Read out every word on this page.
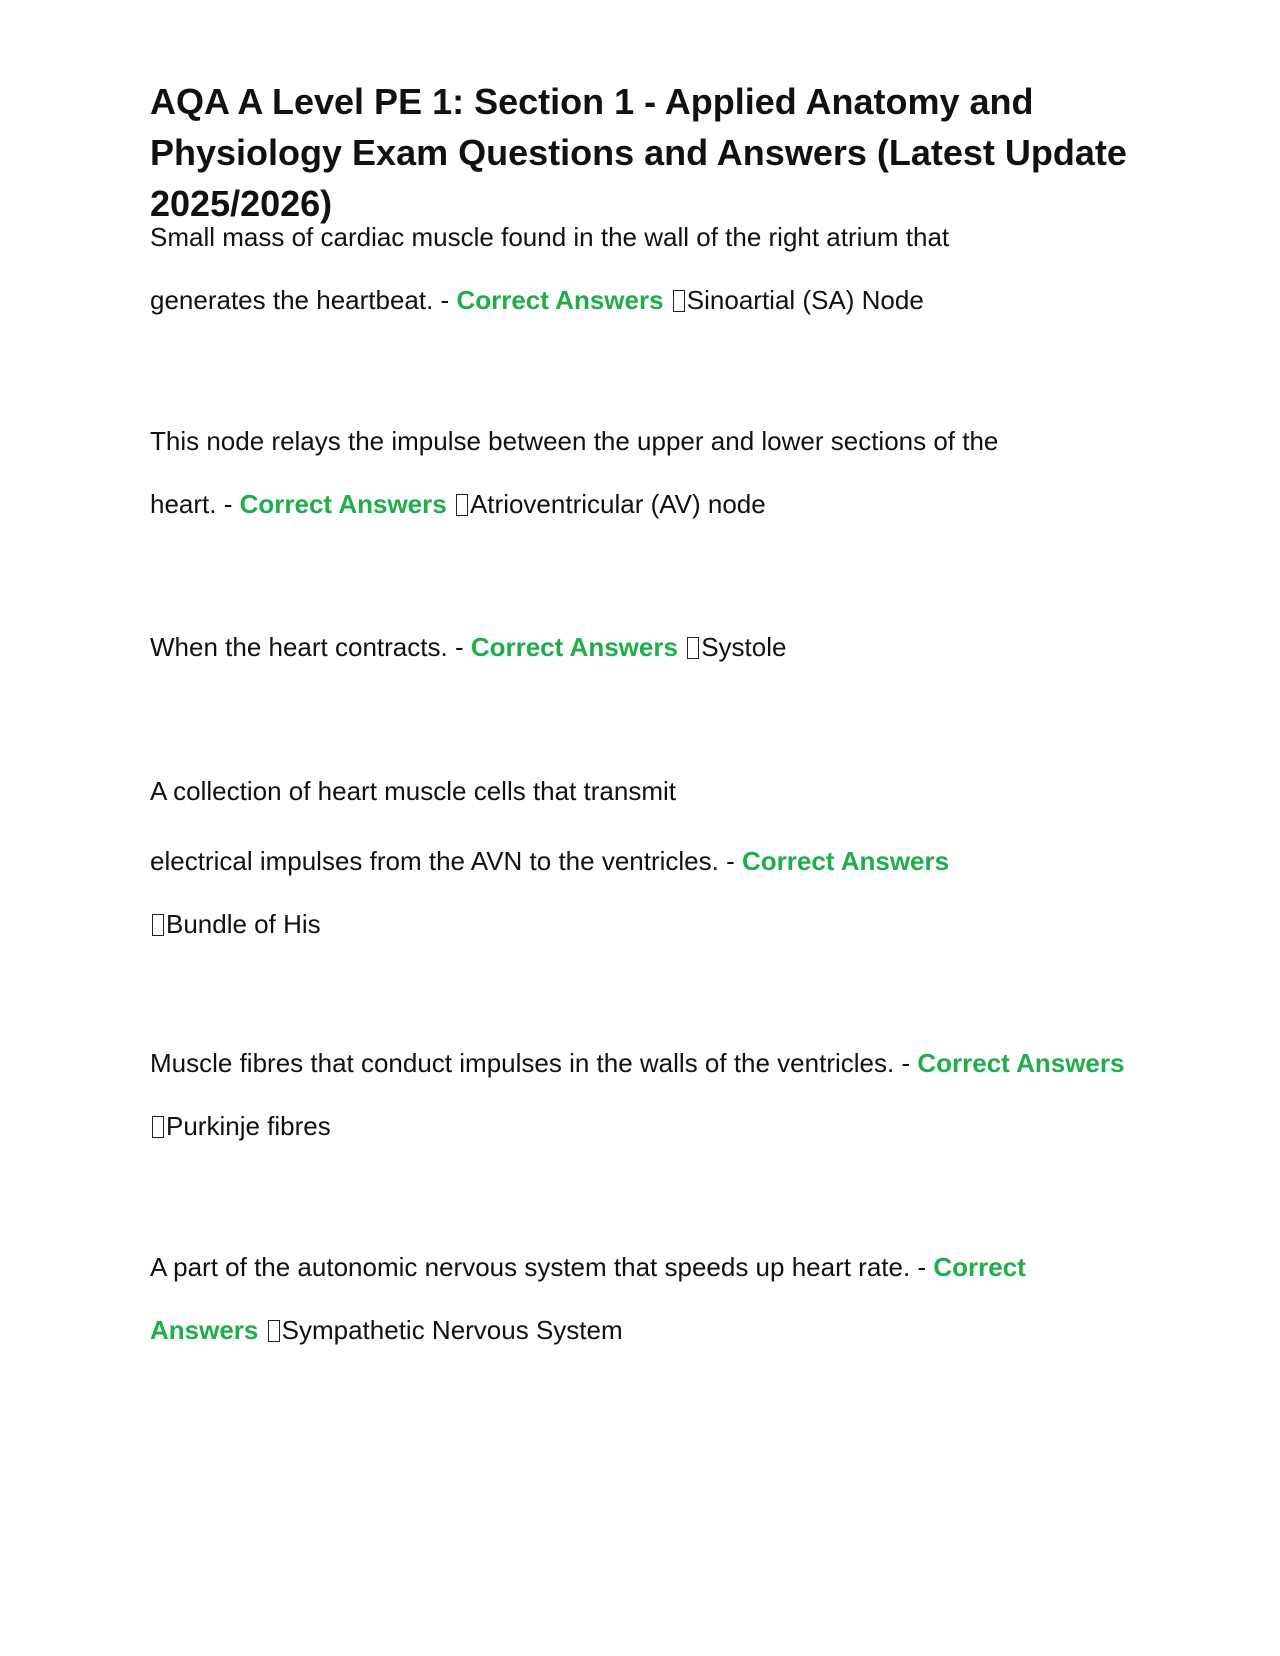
AQA A Level PE 1: Section 1 - Applied Anatomy and Physiology Exam Questions and Answers (Latest Update 2025/2026)
Small mass of cardiac muscle found in the wall of the right atrium that
generates the heartbeat. - Correct Answers Sinoartial (SA) Node
This node relays the impulse between the upper and lower sections of the
heart. - Correct Answers Atrioventricular (AV) node
When the heart contracts. - Correct Answers Systole
A collection of heart muscle cells that transmit
electrical impulses from the AVN to the ventricles. - Correct Answers
Bundle of His
Muscle fibres that conduct impulses in the walls of the ventricles. - Correct Answers Purkinje fibres
A part of the autonomic nervous system that speeds up heart rate. - Correct Answers Sympathetic Nervous System
